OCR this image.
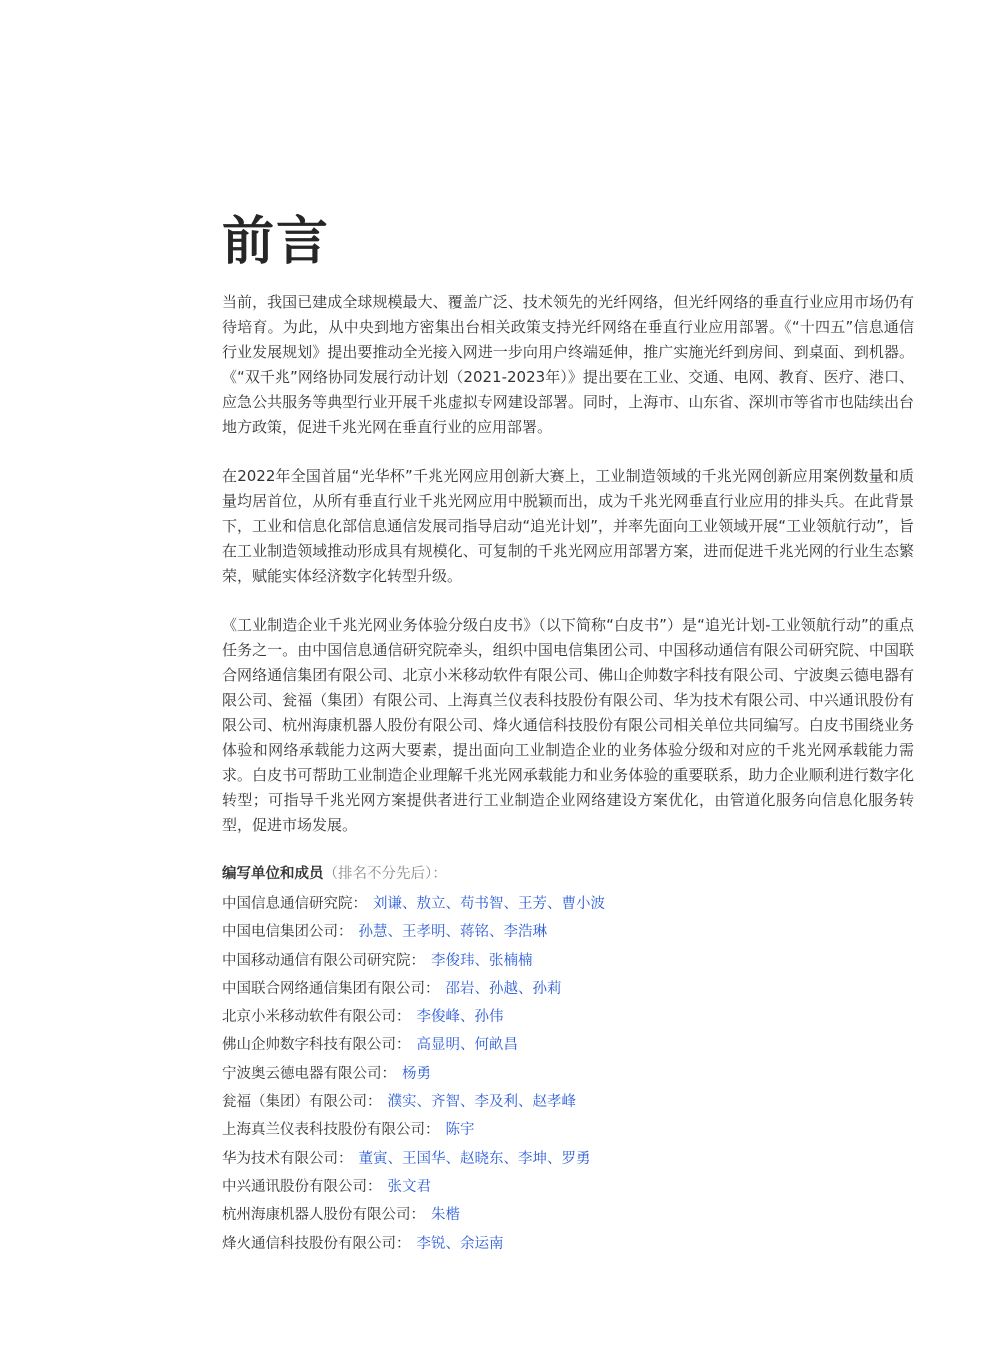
前言

当前，我国已建成全球规模最大、覆盖广泛、技术领先的光纤网络，但光纤网络的垂直行业应用市场仍有待培育。为此，从中央到地方密集出台相关政策支持光纤网络在垂直行业应用部署。《“十四五”信息通信行业发展规划》提出要推动全光接入网进一步向用户终端延伸，推广实施光纤到房间、到桌面、到机器。《“双千兆”网络协同发展行动计划（2021-2023年）》提出要在工业、交通、电网、教育、医疗、港口、应急公共服务等典型行业开展千兆虚拟专网建设部署。同时，上海市、山东省、深圳市等省市也陆续出台地方政策，促进千兆光网在垂直行业的应用部署。

在2022年全国首届“光华杯”千兆光网应用创新大赛上，工业制造领域的千兆光网创新应用案例数量和质量均居首位，从所有垂直行业千兆光网应用中脱颖而出，成为千兆光网垂直行业应用的排头兵。在此背景下，工业和信息化部信息通信发展司指导启动“追光计划”，并率先面向工业领域开展“工业领航行动”，旨在工业制造领域推动形成具有规模化、可复制的千兆光网应用部署方案，进而促进千兆光网的行业生态繁荣，赋能实体经济数字化转型升级。

《工业制造企业千兆光网业务体验分级白皮书》（以下简称“白皮书”）是“追光计划-工业领航行动”的重点任务之一。由中国信息通信研究院牵头，组织中国电信集团公司、中国移动通信有限公司研究院、中国联合网络通信集团有限公司、北京小米移动软件有限公司、佛山企帅数字科技有限公司、宁波奥云德电器有限公司、瓮福（集团）有限公司、上海真兰仪表科技股份有限公司、华为技术有限公司、中兴通讯股份有限公司、杭州海康机器人股份有限公司、烽火通信科技股份有限公司相关单位共同编写。白皮书围绕业务体验和网络承载能力这两大要素，提出面向工业制造企业的业务体验分级和对应的千兆光网承载能力需求。白皮书可帮助工业制造企业理解千兆光网承载能力和业务体验的重要联系，助力企业顺利进行数字化转型；可指导千兆光网方案提供者进行工业制造企业网络建设方案优化，由管道化服务向信息化服务转型，促进市场发展。

编写单位和成员（排名不分先后）：
中国信息通信研究院： 刘谦、敖立、苟书智、王芳、曹小波
中国电信集团公司： 孙慧、王孝明、蒋铭、李浩琳
中国移动通信有限公司研究院： 李俊玮、张楠楠
中国联合网络通信集团有限公司： 邵岩、孙越、孙莉
北京小米移动软件有限公司： 李俊峰、孙伟
佛山企帅数字科技有限公司： 高显明、何畝昌
宁波奥云德电器有限公司： 杨勇
瓮福（集团）有限公司： 濮实、齐智、李及利、赵孝峰
上海真兰仪表科技股份有限公司： 陈宇
华为技术有限公司： 董寅、王国华、赵晓东、李坤、罗勇
中兴通讯股份有限公司： 张文君
杭州海康机器人股份有限公司： 朱楷
烽火通信科技股份有限公司： 李锐、余运南
